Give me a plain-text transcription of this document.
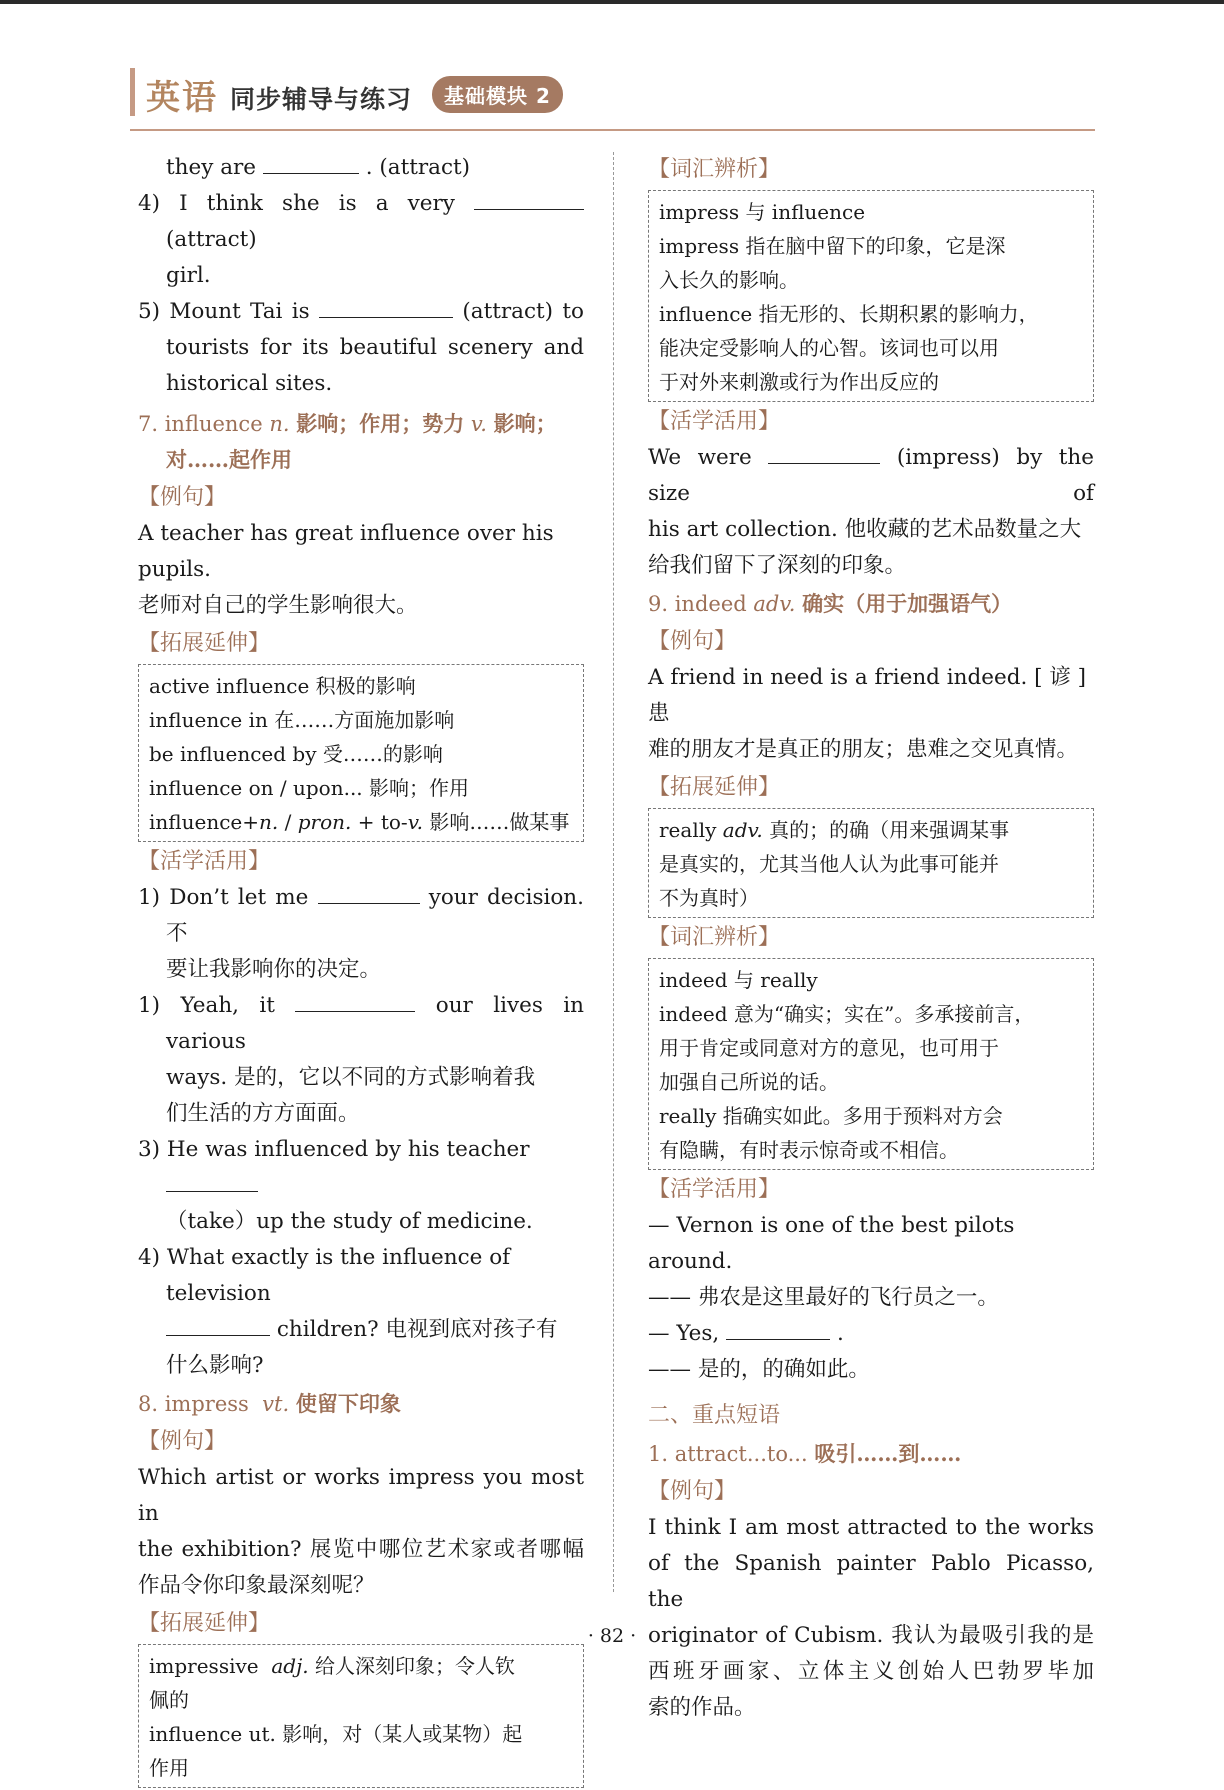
英语 同步辅导与练习	基础模块 2
they are	. (attract)
4) I think she is a very  (attract)
girl.
5) Mount Tai is	(attract) to
tourists for its beautiful scenery and
historical sites.
7. influence n. 影响；作用；势力 v. 影响；
对……起作用
【例句】
A teacher has great influence over his pupils.
老师对自己的学生影响很大。
【拓展延伸】
active influence 积极的影响
influence in 在……方面施加影响
be influenced by 受……的影响
influence on / upon... 影响；作用
influence+n. / pron. + to-v. 影响……做某事
【活学活用】
1) Don’t let me	your decision. 不
要让我影响你的决定。
1) Yeah, it	our lives in various
ways. 是的，它以不同的方式影响着我
们生活的方方面面。
3) He was influenced by his teacher
（take）up the study of medicine.
4) What exactly is the influence of television
children? 电视到底对孩子有
什么影响?
8. impress vt. 使留下印象
【例句】
Which artist or works impress you most in
the exhibition? 展览中哪位艺术家或者哪幅
作品令你印象最深刻呢？
【拓展延伸】
impressive adj. 给人深刻印象；令人钦
佩的
influence ut. 影响，对（某人或某物）起
作用
【词汇辨析】
impress 与 influence
impress 指在脑中留下的印象，它是深
入长久的影响。
influence 指无形的、长期积累的影响力，
能决定受影响人的心智。该词也可以用
于对外来刺激或行为作出反应的
【活学活用】
We were	(impress) by the size of
his art collection. 他收藏的艺术品数量之大
给我们留下了深刻的印象。
9. indeed adv. 确实（用于加强语气）
【例句】
A friend in need is a friend indeed. [ 谚 ] 患
难的朋友才是真正的朋友；患难之交见真情。
【拓展延伸】
really adv. 真的；的确（用来强调某事
是真实的，尤其当他人认为此事可能并
不为真时）
【词汇辨析】
indeed 与 really
indeed 意为“确实；实在”。多承接前言，
用于肯定或同意对方的意见，也可用于
加强自己所说的话。
really 指确实如此。多用于预料对方会
有隐瞒，有时表示惊奇或不相信。
【活学活用】
— Vernon is one of the best pilots around.
—— 弗农是这里最好的飞行员之一。
— Yes,	.
—— 是的，的确如此。
二、重点短语
1. attract...to... 吸引……到……
【例句】
I think I am most attracted to the works
of the Spanish painter Pablo Picasso, the
originator of Cubism. 我认为最吸引我的是
西班牙画家、立体主义创始人巴勃罗毕加
索的作品。
· 82 ·
